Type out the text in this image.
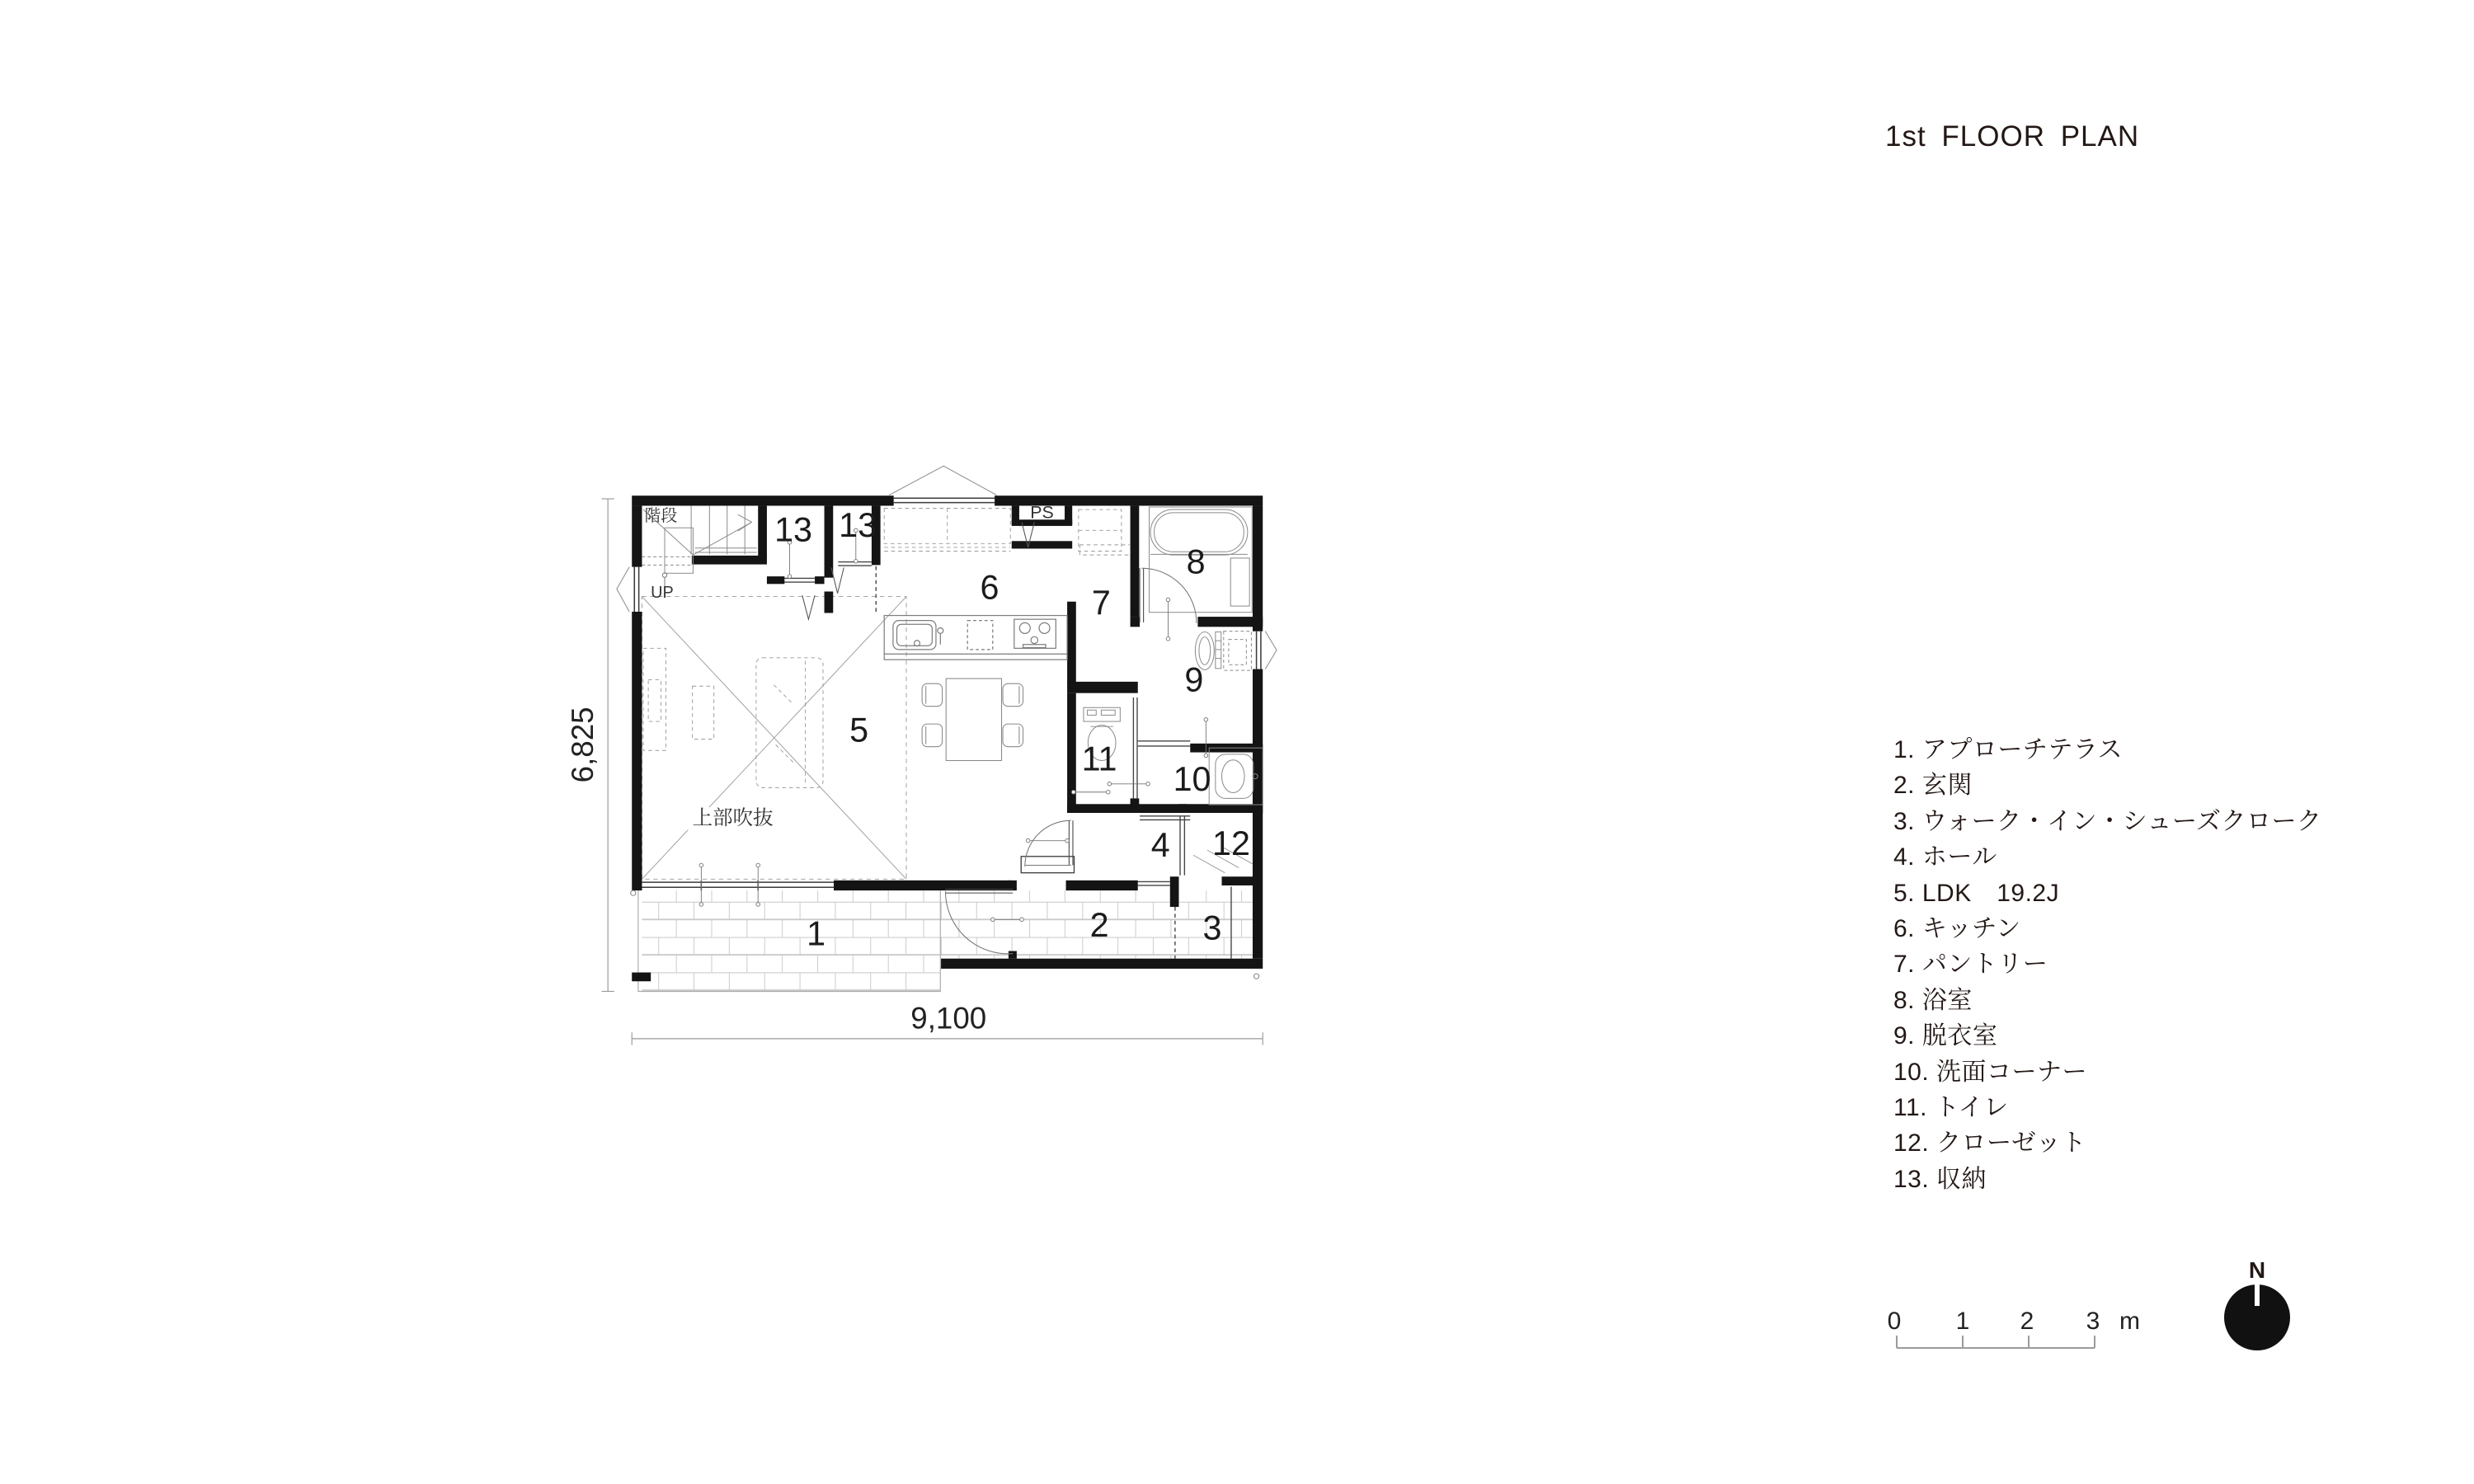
1st FLOOR PLAN
階段
UP
上部吹抜
PS
1	2 3
4
5
6 7
8
9
10
11
12
13 13
9,100
6,825	1. アプローチテラス
2. 玄関
3. ウォーク・イン・シューズクローク
4. ホール
5. LDK　19.2J
6. キッチン
7. パントリー
8. 浴室
9. 脱衣室
10. 洗面コーナー
11. トイレ
12. クローゼット
13. 収納
0 1 2 3 m
N
